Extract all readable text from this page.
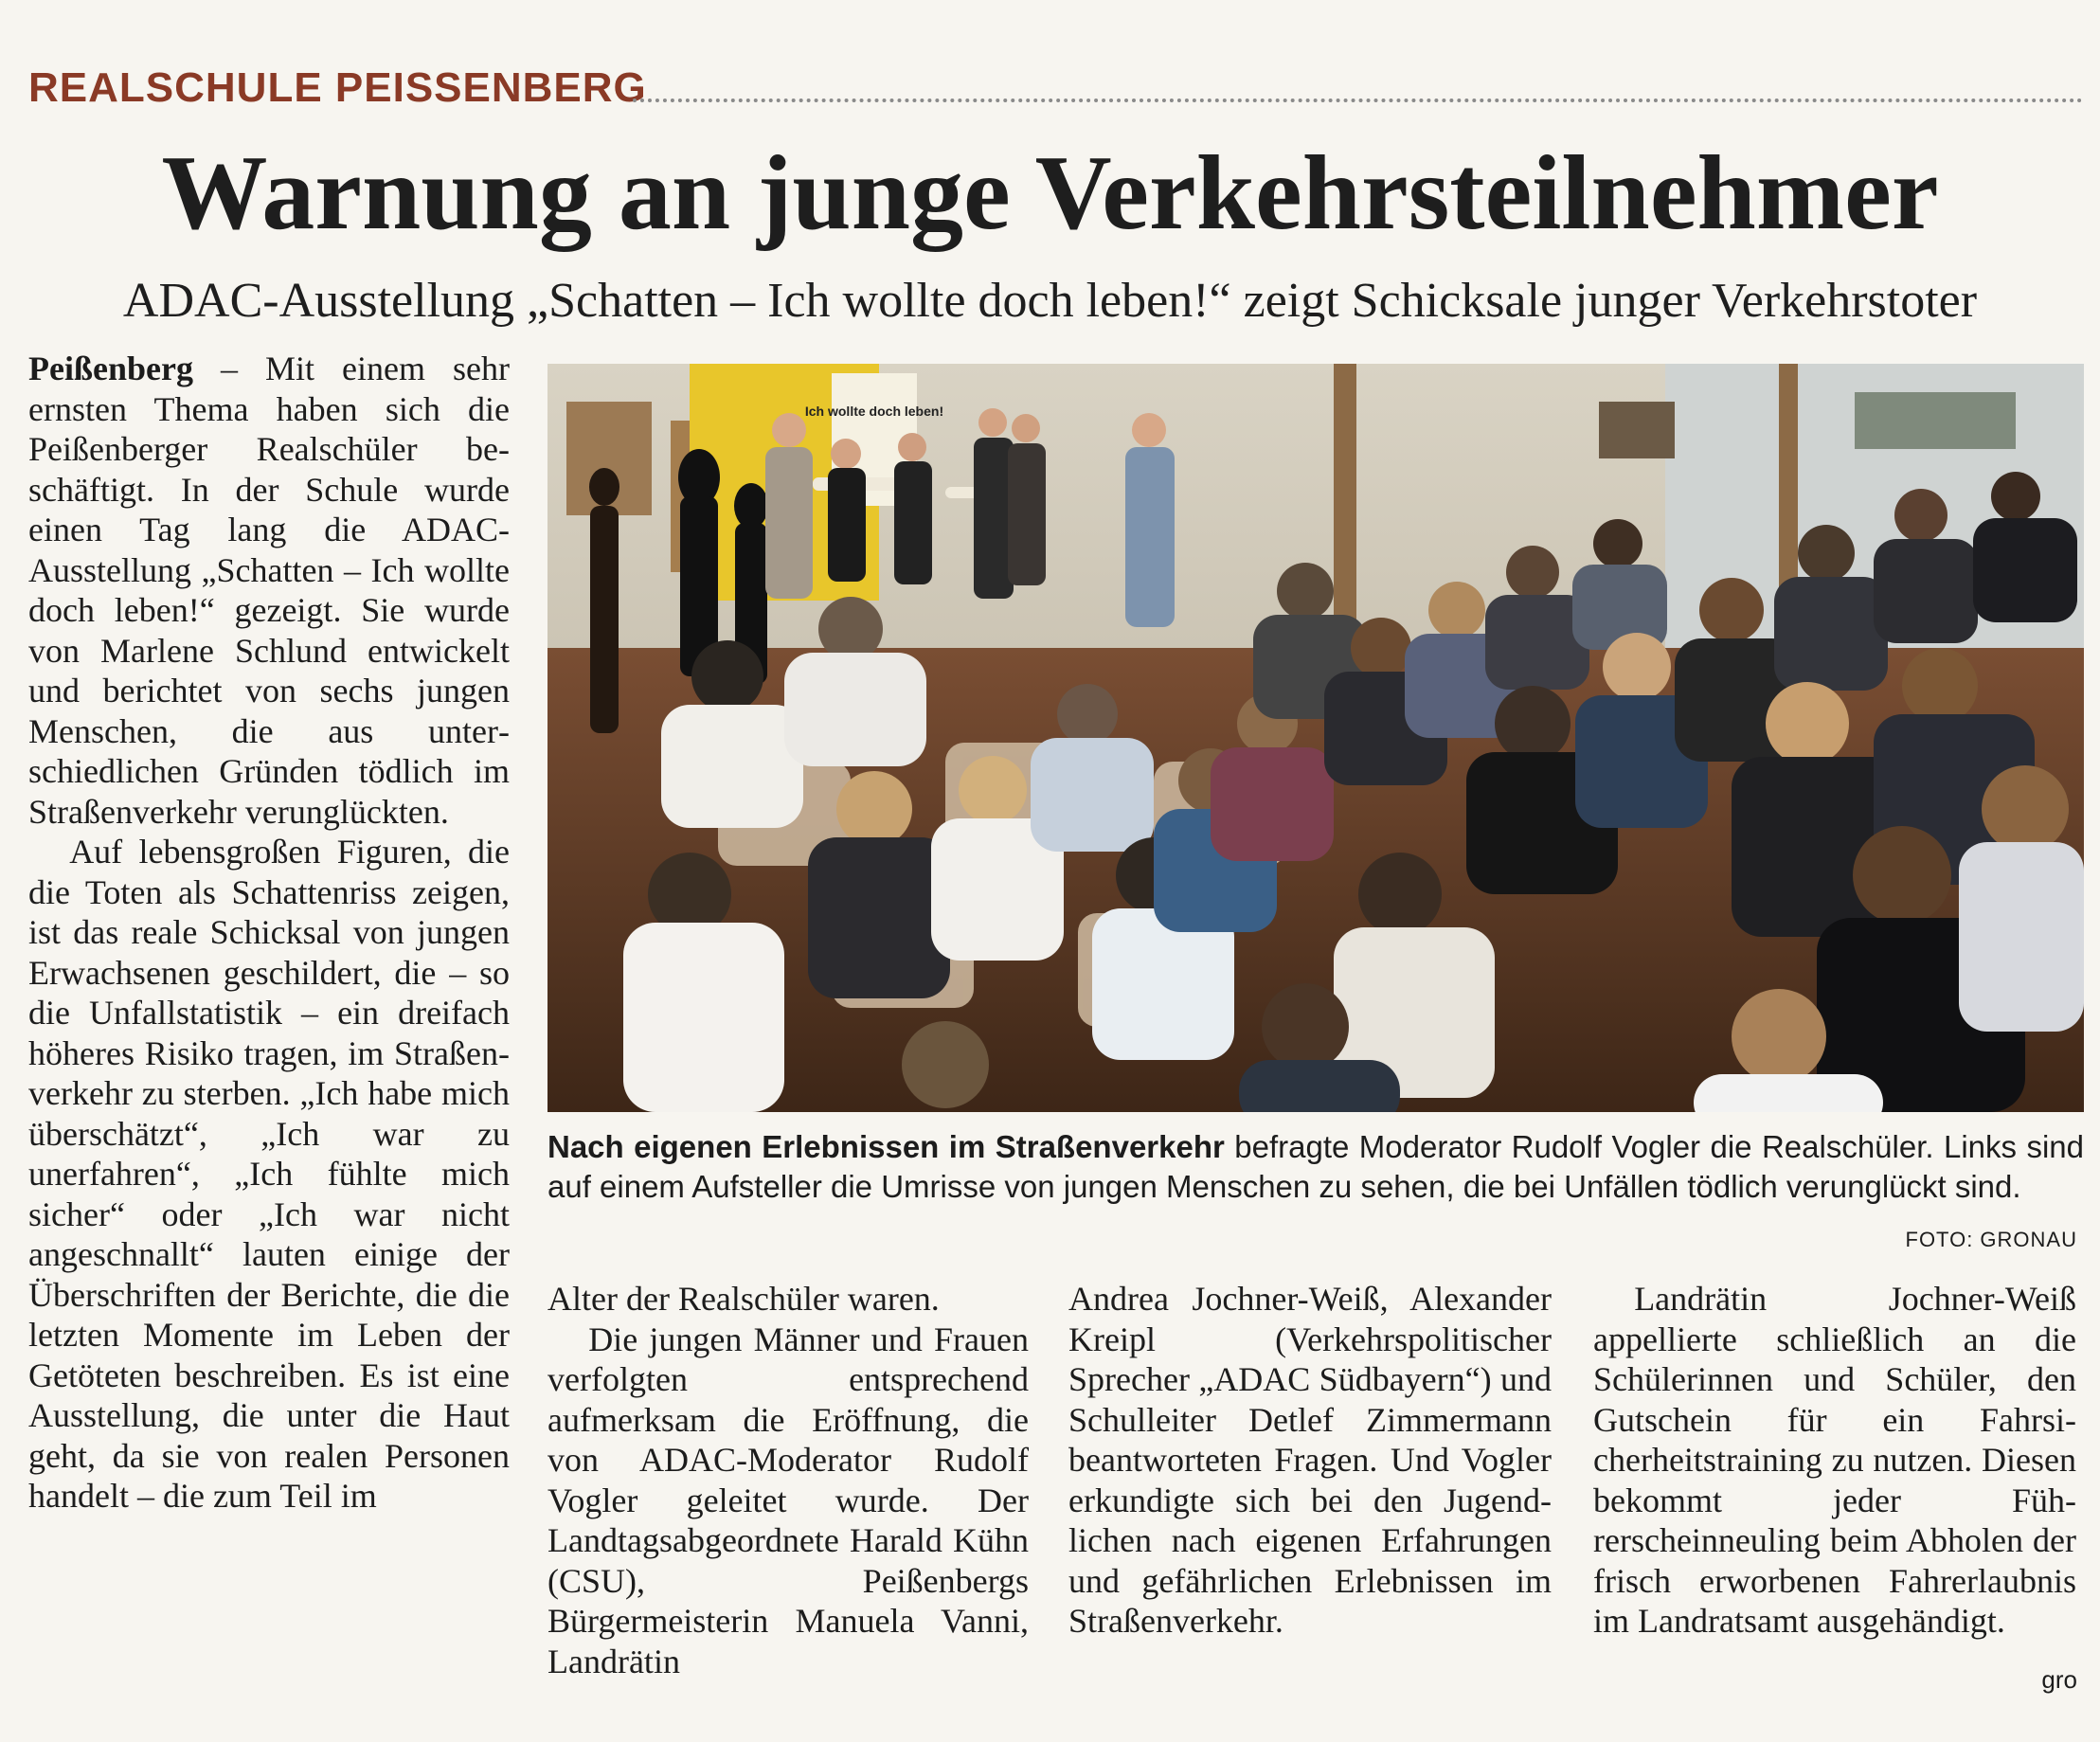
REALSCHULE PEISSENBERG
Warnung an junge Verkehrsteilnehmer
ADAC-Ausstellung „Schatten – Ich wollte doch leben!“ zeigt Schicksale junger Verkehrstoter

Peißenberg – Mit einem sehr ernsten Thema haben sich die Peißenberger Realschüler beschäftigt. In der Schule wurde einen Tag lang die ADAC-Ausstellung „Schatten – Ich wollte doch leben!“ gezeigt. Sie wurde von Marlene Schlund entwickelt und berichtet von sechs jungen Menschen, die aus unterschiedlichen Gründen tödlich im Straßenverkehr verunglückten.

Auf lebensgroßen Figuren, die die Toten als Schattenriss zeigen, ist das reale Schicksal von jungen Erwachsenen geschildert, die – so die Unfallstatistik – ein dreifach höheres Risiko tragen, im Straßenverkehr zu sterben. „Ich habe mich überschätzt“, „Ich war zu unerfahren“, „Ich fühlte mich sicher“ oder „Ich war nicht angeschnallt“ lauten einige der Überschriften der Berichte, die die letzten Momente im Leben der Getöteten beschreiben. Es ist eine Ausstellung, die unter die Haut geht, da sie von realen Personen handelt – die zum Teil im

Ich wollte doch leben!
Nach eigenen Erlebnissen im Straßenverkehr befragte Moderator Rudolf Vogler die Realschüler. Links sind auf einem Aufsteller die Umrisse von jungen Menschen zu sehen, die bei Unfällen tödlich verunglückt sind.
FOTO: GRONAU

Alter der Realschüler waren.

Die jungen Männer und Frauen verfolgten entsprechend aufmerksam die Eröffnung, die von ADAC-Moderator Rudolf Vogler geleitet wurde. Der Landtagsabgeordnete Harald Kühn (CSU), Peißenbergs Bürgermeisterin Manuela Vanni, Landrätin

Andrea Jochner-Weiß, Alexander Kreipl (Verkehrspolitischer Sprecher „ADAC Südbayern“) und Schulleiter Detlef Zimmermann beantworteten Fragen. Und Vogler erkundigte sich bei den Jugendlichen nach eigenen Erfahrungen und gefährlichen Erlebnissen im Straßenverkehr.

Landrätin Jochner-Weiß appellierte schließlich an die Schülerinnen und Schüler, den Gutschein für ein Fahrsicherheitstraining zu nutzen. Diesen bekommt jeder Führerscheinneuling beim Abholen der frisch erworbenen Fahrerlaubnis im Landratsamt ausgehändigt.

gro
